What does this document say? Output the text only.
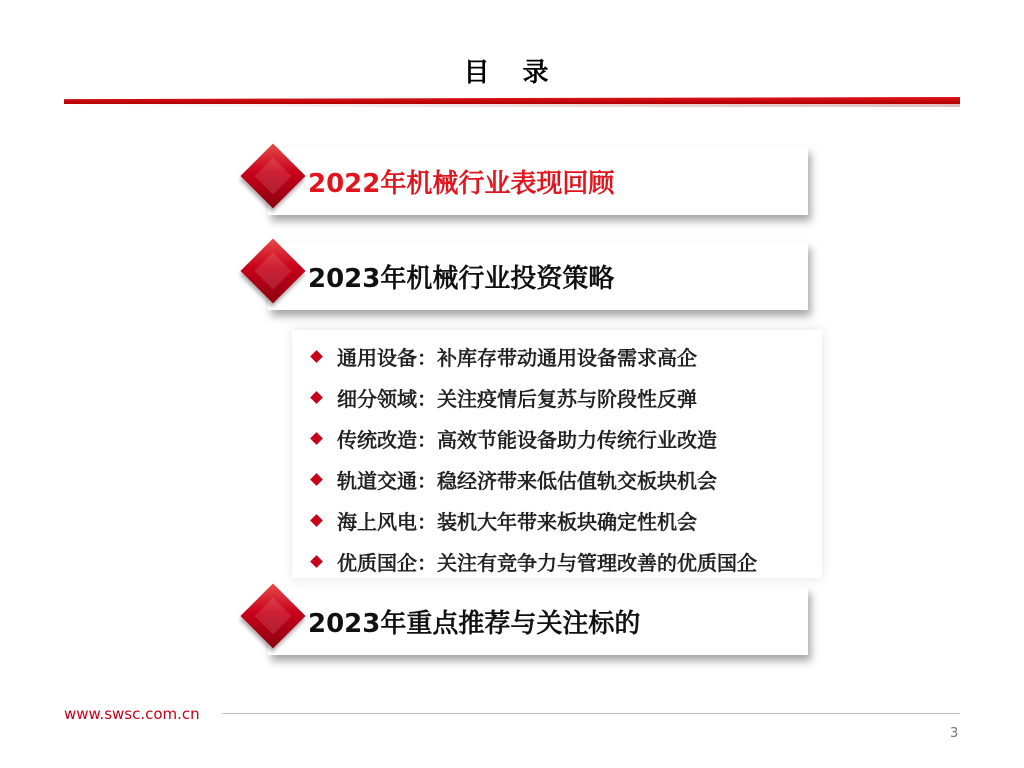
目 录
2022年机械行业表现回顾
2023年机械行业投资策略
通用设备：补库存带动通用设备需求高企
细分领域：关注疫情后复苏与阶段性反弹
传统改造：高效节能设备助力传统行业改造
轨道交通：稳经济带来低估值轨交板块机会
海上风电：装机大年带来板块确定性机会
优质国企：关注有竞争力与管理改善的优质国企
2023年重点推荐与关注标的
www.swsc.com.cn
3
